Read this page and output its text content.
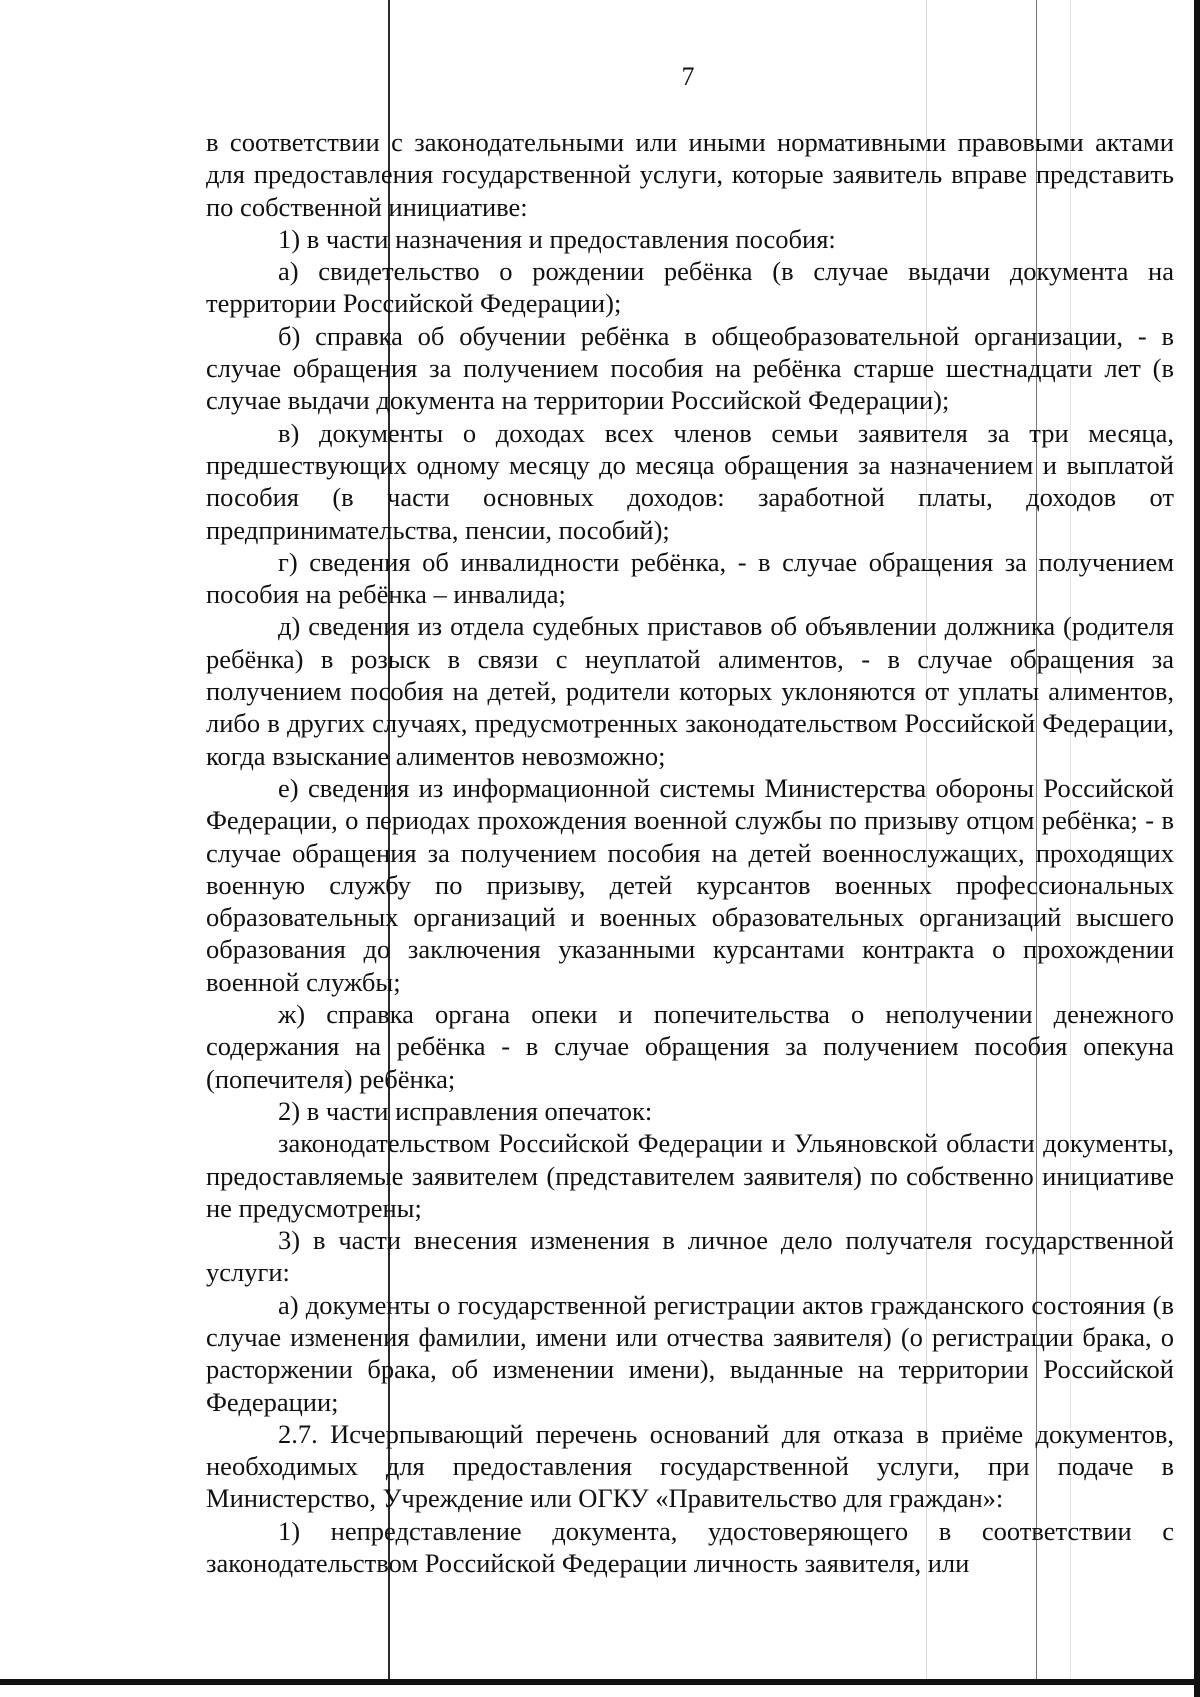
7

в соответствии с законодательными или иными нормативными правовыми актами для предоставления государственной услуги, которые заявитель вправе представить по собственной инициативе:

1) в части назначения и предоставления пособия:

а) свидетельство о рождении ребёнка (в случае выдачи документа на территории Российской Федерации);

б) справка об обучении ребёнка в общеобразовательной организации, - в случае обращения за получением пособия на ребёнка старше шестнадцати лет (в случае выдачи документа на территории Российской Федерации);

в) документы о доходах всех членов семьи заявителя за три месяца, предшествующих одному месяцу до месяца обращения за назначением и выплатой пособия (в части основных доходов: заработной платы, доходов от предпринимательства, пенсии, пособий);

г) сведения об инвалидности ребёнка, - в случае обращения за получением пособия на ребёнка – инвалида;

д) сведения из отдела судебных приставов об объявлении должника (родителя ребёнка) в розыск в связи с неуплатой алиментов, - в случае обращения за получением пособия на детей, родители которых уклоняются от уплаты алиментов, либо в других случаях, предусмотренных законодательством Российской Федерации, когда взыскание алиментов невозможно;

е) сведения из информационной системы Министерства обороны Российской Федерации, о периодах прохождения военной службы по призыву отцом ребёнка; - в случае обращения за получением пособия на детей военнослужащих, проходящих военную службу по призыву, детей курсантов военных профессиональных образовательных организаций и военных образовательных организаций высшего образования до заключения указанными курсантами контракта о прохождении военной службы;

ж) справка органа опеки и попечительства о неполучении денежного содержания на ребёнка - в случае обращения за получением пособия опекуна (попечителя) ребёнка;

2) в части исправления опечаток:

законодательством Российской Федерации и Ульяновской области документы, предоставляемые заявителем (представителем заявителя) по собственно инициативе не предусмотрены;

3) в части внесения изменения в личное дело получателя государственной услуги:

а) документы о государственной регистрации актов гражданского состояния (в случае изменения фамилии, имени или отчества заявителя) (о регистрации брака, о расторжении брака, об изменении имени), выданные на территории Российской Федерации;

2.7. Исчерпывающий перечень оснований для отказа в приёме документов, необходимых для предоставления государственной услуги, при подаче в Министерство, Учреждение или ОГКУ «Правительство для граждан»:

1) непредставление документа, удостоверяющего в соответствии с законодательством Российской Федерации личность заявителя, или
